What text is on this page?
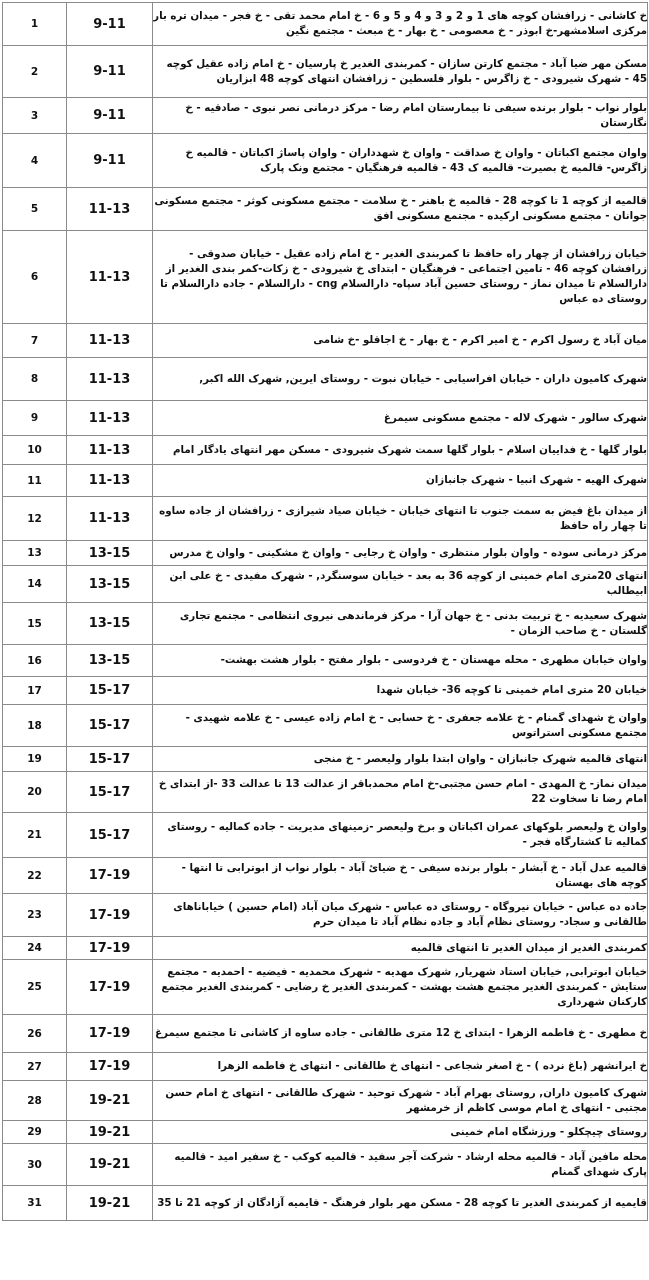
1	9-11	خ کاشانی - زرافشان کوچه های 1 و 2 و 3 و 4 و 5 و 6 - خ امام محمد تقی - خ فجر - میدان تره بار مرکزی اسلامشهر-خ ابوذر - خ معصومی - خ بهار - خ مبعث - مجتمع نگین
2	9-11	مسکن مهر ضیا آباد - مجتمع کارتن سازان - کمربندی الغدیر خ پارسیان - خ امام زاده عقیل کوچه 45 - شهرک شیرودی - خ زاگرس - بلوار فلسطین - زرافشان انتهای کوچه 48 ابزاریان
3	9-11	بلوار نواب - بلوار برنده سیفی تا بیمارستان امام رضا - مرکز درمانی نصر نبوی - صادقیه - خ نگارستان
4	9-11	واوان مجتمع اکباتان - واوان خ صداقت - واوان خ شهدداران - واوان پاساژ اکباتان - قالمیه خ زاگرس- قالمیه خ بصیرت- قالمیه ک 43 - قالمیه فرهنگیان - مجتمع ونک پارک
5	11-13	قالمیه از کوچه 1 تا کوچه 28 - قالمیه خ باهنر - خ سلامت - مجتمع مسکونی کوثر - مجتمع مسکونی جوانان - مجتمع مسکونی ارکیده - مجتمع مسکونی افق
6	11-13	خیابان زرافشان از چهار راه حافظ تا کمربندی الغدیر - خ امام زاده عقیل - خیابان صدوقی - زرافشان کوچه 46 - تامین اجتماعی - فرهنگیان - ابتدای خ شیرودی - خ زکات-کمر بندی الغدیر از دارالسلام تا میدان نماز - روستای حسین آباد سپاه- دارالسلام cng - دارالسلام - جاده دارالسلام تا روستای ده عباس
7	11-13	میان آباد خ رسول اکرم - خ امیر اکرم - خ بهار - خ اجاقلو -خ شامی
8	11-13	شهرک کامیون داران - خیابان افراسیابی - خیابان نبوت - روستای ایرین, شهرک الله اکبر,
9	11-13	شهرک سالور - شهرک لاله - مجتمع مسکونی سیمرغ
10	11-13	بلوار گلها - خ فداییان اسلام - بلوار گلها سمت شهرک شیرودی - مسکن مهر انتهای یادگار امام
11	11-13	شهرک الهیه - شهرک انبیا - شهرک جانبازان
12	11-13	از میدان باغ فیض به سمت جنوب تا انتهای خیابان - خیابان صیاد شیرازی - زرافشان از جاده ساوه تا چهار راه حافظ
13	13-15	مرکز درمانی سوده - واوان بلوار منتظری - واوان خ رجایی - واوان خ مشکینی - واوان خ مدرس
14	13-15	انتهای 20متری امام خمینی از کوچه 36 به بعد - خیابان سوسنگرد, - شهرک مفیدی - خ علی ابن ابیطالب
15	13-15	شهرک سعیدیه - خ تربیت بدنی - خ جهان آرا - مرکز فرماندهی نیروی انتظامی - مجتمع تجاری گلستان - خ صاحب الزمان -
16	13-15	واوان خیابان مطهری - محله مهستان - خ فردوسی - بلوار مفتح - بلوار هشت بهشت-
17	15-17	خیابان 20 متری امام خمینی تا کوچه 36- خیابان شهدا
18	15-17	واوان خ شهدای گمنام - خ علامه جعفری - خ حسابی - خ امام زاده عیسی - خ علامه شهیدی - مجتمع مسکونی استراتوس
19	15-17	انتهای قالمیه شهرک جانبازان - واوان ابتدا بلوار ولیعصر - خ منجی
20	15-17	میدان نماز- خ المهدی - امام حسن مجتبی-خ امام محمدباقر از عدالت 13 تا عدالت 33 -از ابتدای خ امام رضا تا سخاوت 22
21	15-17	واوان خ ولیعصر بلوکهای عمران اکباتان و برخ ولیعصر -زمینهای مدیریت - جاده کمالیه - روستای کمالیه تا کشتارگاه فجر -
22	17-19	قالمیه عدل آباد - خ آبشار - بلوار برنده سیفی - خ ضیائ آباد - بلوار نواب از ابوترابی تا انتها - کوچه های بهستان
23	17-19	جاده ده عباس - خیابان نیروگاه - روستای ده عباس - شهرک میان آباد (امام حسین ) خیاباناهای طالقانی و سجاد- روستای نظام آباد و جاده نظام آباد تا میدان حرم
24	17-19	کمربندی الغدیر از میدان الغدیر تا انتهای قالمیه
25	17-19	خیابان ابوترابی, خیابان استاد شهریار, شهرک مهدیه - شهرک محمدیه - فیضیه - احمدیه - مجتمع ستایش - کمربندی الغدیر مجتمع هشت بهشت - کمربندی الغدیر خ رضایی - کمربندی الغدیر مجتمع کارکنان شهرداری
26	17-19	خ مطهری - خ فاطمه الزهرا - ابتدای خ 12 متری طالقانی - جاده ساوه از کاشانی تا مجتمع سیمرغ
27	17-19	خ ایرانشهر (باغ نرده ) - خ اصغر شجاعی - انتهای خ طالقانی - انتهای خ فاطمه الزهرا
28	19-21	شهرک کامیون داران, روستای بهرام آباد - شهرک توحید - شهرک طالقانی - انتهای خ امام حسن مجتبی - انتهای خ امام موسی کاظم از خرمشهر
29	19-21	روستای چیچکلو - ورزشگاه امام خمینی
30	19-21	محله مافین آباد - قالمیه محله ارشاد - شرکت آجر سفید - قالمیه کوکب - خ سفیر امید - قالمیه پارک شهدای گمنام
31	19-21	قایمیه از کمربندی الغدیر تا کوچه 28 - مسکن مهر بلوار فرهنگ - قایمیه آزادگان از کوچه 21 تا 35
